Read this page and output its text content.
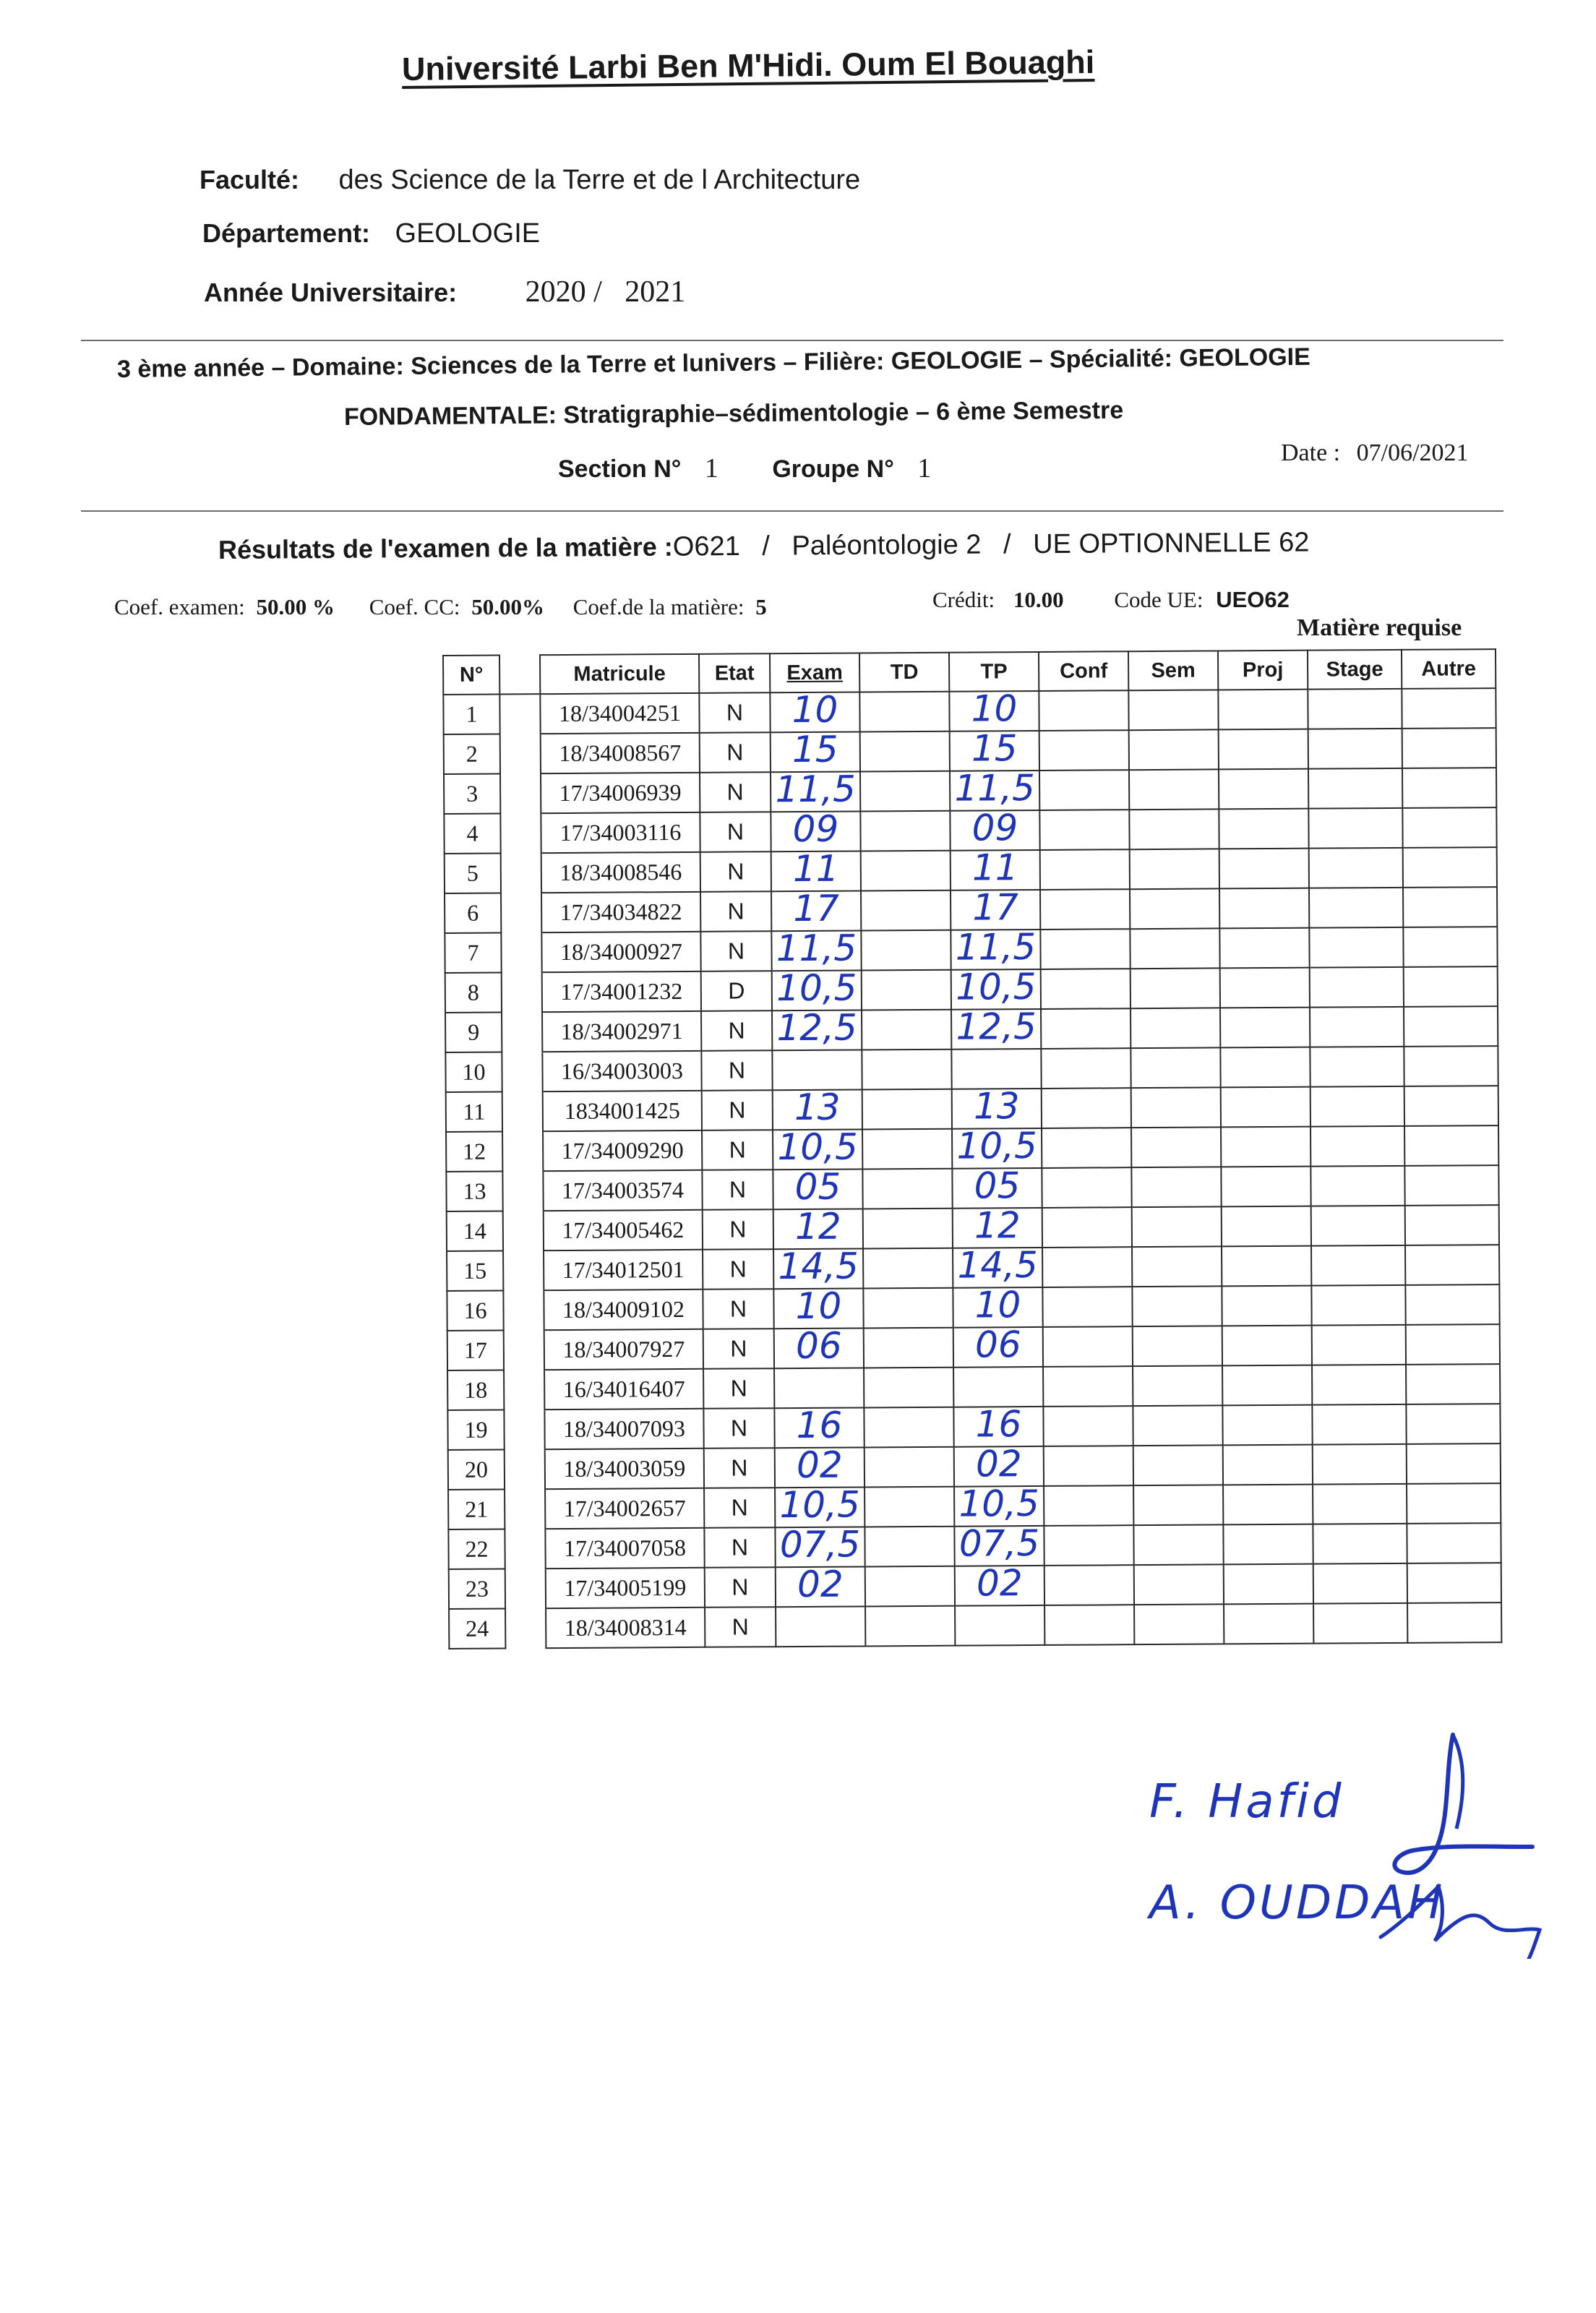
Université Larbi Ben M'Hidi. Oum El Bouaghi
Faculté: des Science de la Terre et de l Architecture
Département: GEOLOGIE
Année Universitaire: 2020 /   2021
3 ème année – Domaine: Sciences de la Terre et lunivers – Filière: GEOLOGIE – Spécialité: GEOLOGIE
FONDAMENTALE: Stratigraphie–sédimentologie – 6 ème Semestre
Section N° 1 Groupe N° 1
Date : 07/06/2021
Résultats de l'examen de la matière :O621 / Paléontologie 2 / UE OPTIONNELLE 62
Coef. examen: 50.00 % Coef. CC: 50.00% Coef.de la matière: 5	Crédit: 10.00 Code UE: UEO62
Matière requise
N°		Matricule	Etat	Exam	TD	TP	Conf	Sem	Proj	Stage	Autre
1		18/34004251	N	10		10					
2		18/34008567	N	15		15					
3		17/34006939	N	11,5		11,5					
4		17/34003116	N	09		09					
5		18/34008546	N	11		11					
6		17/34034822	N	17		17					
7		18/34000927	N	11,5		11,5					
8		17/34001232	D	10,5		10,5					
9		18/34002971	N	12,5		12,5					
10		16/34003003	N								
11		1834001425	N	13		13					
12		17/34009290	N	10,5		10,5					
13		17/34003574	N	05		05					
14		17/34005462	N	12		12					
15		17/34012501	N	14,5		14,5					
16		18/34009102	N	10		10					
17		18/34007927	N	06		06					
18		16/34016407	N								
19		18/34007093	N	16		16					
20		18/34003059	N	02		02					
21		17/34002657	N	10,5		10,5					
22		17/34007058	N	07,5		07,5					
23		17/34005199	N	02		02					
24		18/34008314	N								
F. Hafid
A. OUDDAH
